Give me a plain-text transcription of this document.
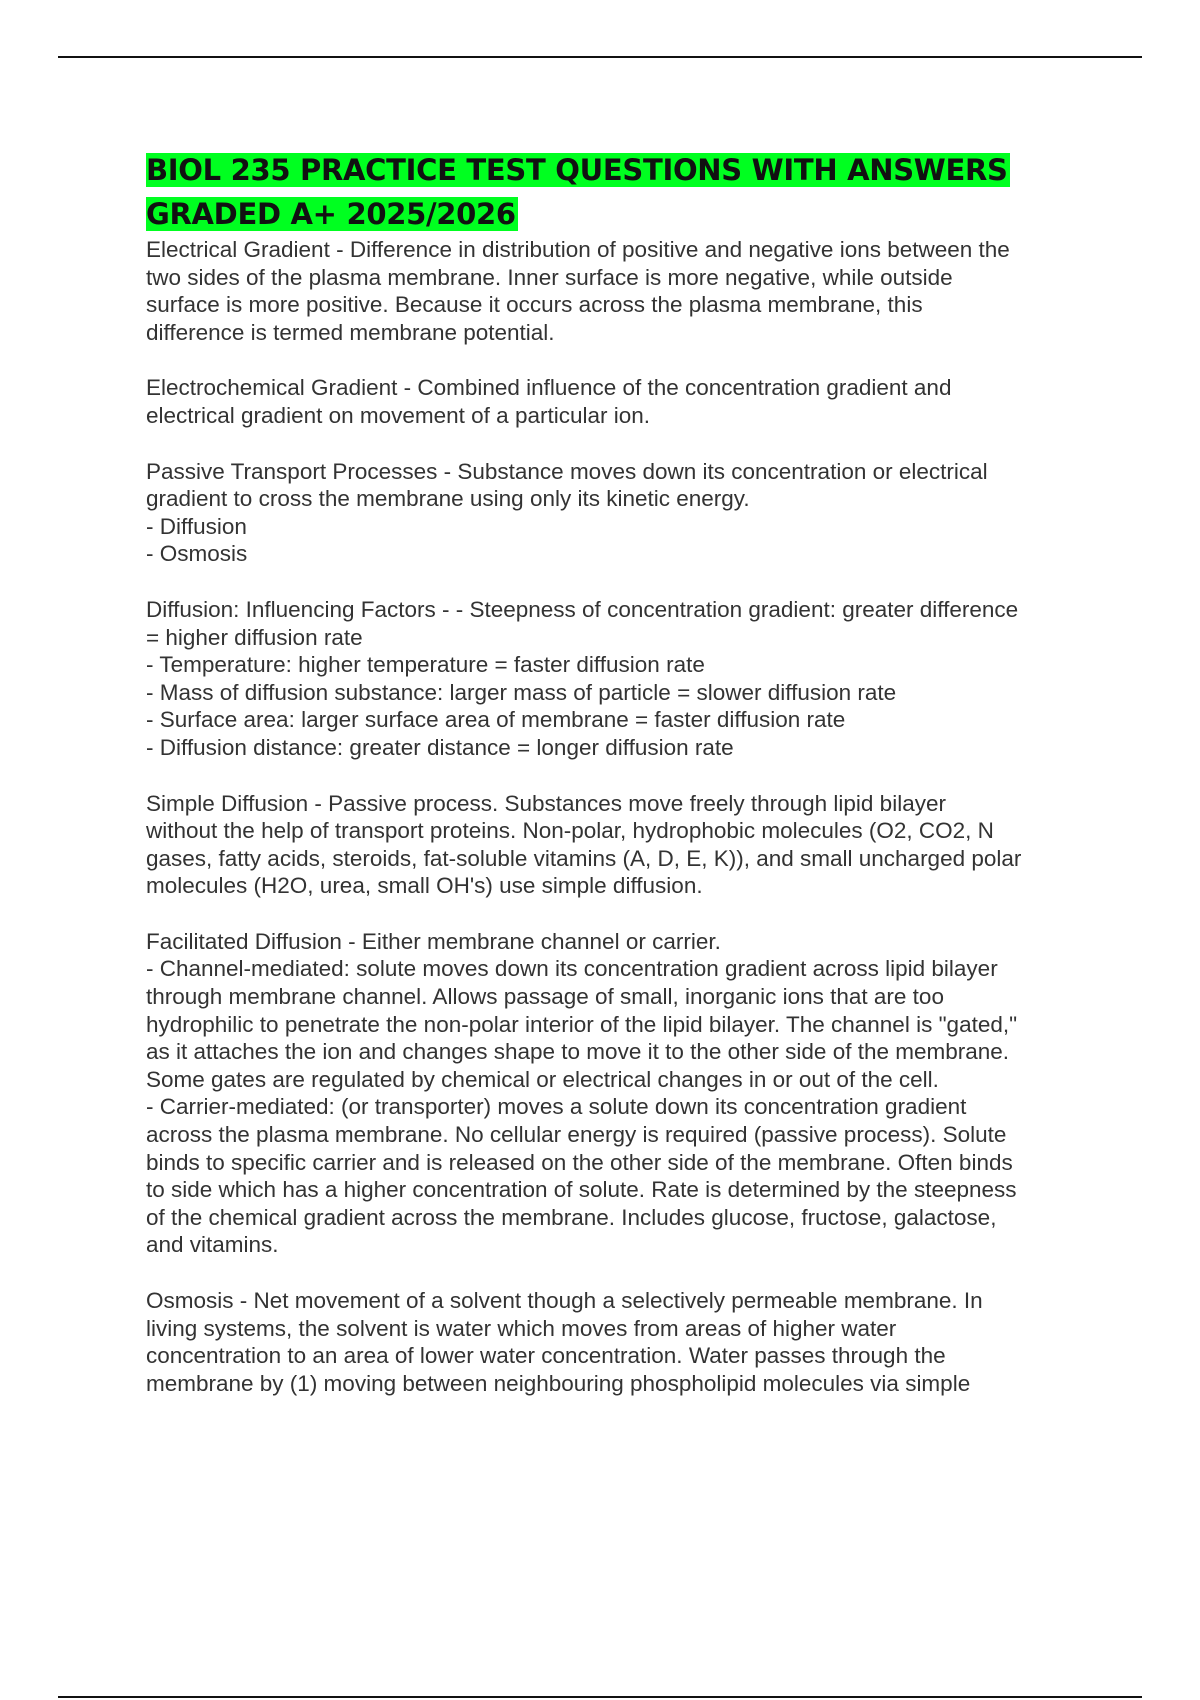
BIOL 235 PRACTICE TEST QUESTIONS WITH ANSWERS
GRADED A+ 2025/2026
Electrical Gradient - Difference in distribution of positive and negative ions between the
two sides of the plasma membrane. Inner surface is more negative, while outside
surface is more positive. Because it occurs across the plasma membrane, this
difference is termed membrane potential.
Electrochemical Gradient - Combined influence of the concentration gradient and
electrical gradient on movement of a particular ion.
Passive Transport Processes - Substance moves down its concentration or electrical
gradient to cross the membrane using only its kinetic energy.
- Diffusion
- Osmosis
Diffusion: Influencing Factors - - Steepness of concentration gradient: greater difference
= higher diffusion rate
- Temperature: higher temperature = faster diffusion rate
- Mass of diffusion substance: larger mass of particle = slower diffusion rate
- Surface area: larger surface area of membrane = faster diffusion rate
- Diffusion distance: greater distance = longer diffusion rate
Simple Diffusion - Passive process. Substances move freely through lipid bilayer
without the help of transport proteins. Non-polar, hydrophobic molecules (O2, CO2, N
gases, fatty acids, steroids, fat-soluble vitamins (A, D, E, K)), and small uncharged polar
molecules (H2O, urea, small OH's) use simple diffusion.
Facilitated Diffusion - Either membrane channel or carrier.
- Channel-mediated: solute moves down its concentration gradient across lipid bilayer
through membrane channel. Allows passage of small, inorganic ions that are too
hydrophilic to penetrate the non-polar interior of the lipid bilayer. The channel is "gated,"
as it attaches the ion and changes shape to move it to the other side of the membrane.
Some gates are regulated by chemical or electrical changes in or out of the cell.
- Carrier-mediated: (or transporter) moves a solute down its concentration gradient
across the plasma membrane. No cellular energy is required (passive process). Solute
binds to specific carrier and is released on the other side of the membrane. Often binds
to side which has a higher concentration of solute. Rate is determined by the steepness
of the chemical gradient across the membrane. Includes glucose, fructose, galactose,
and vitamins.
Osmosis - Net movement of a solvent though a selectively permeable membrane. In
living systems, the solvent is water which moves from areas of higher water
concentration to an area of lower water concentration. Water passes through the
membrane by (1) moving between neighbouring phospholipid molecules via simple
